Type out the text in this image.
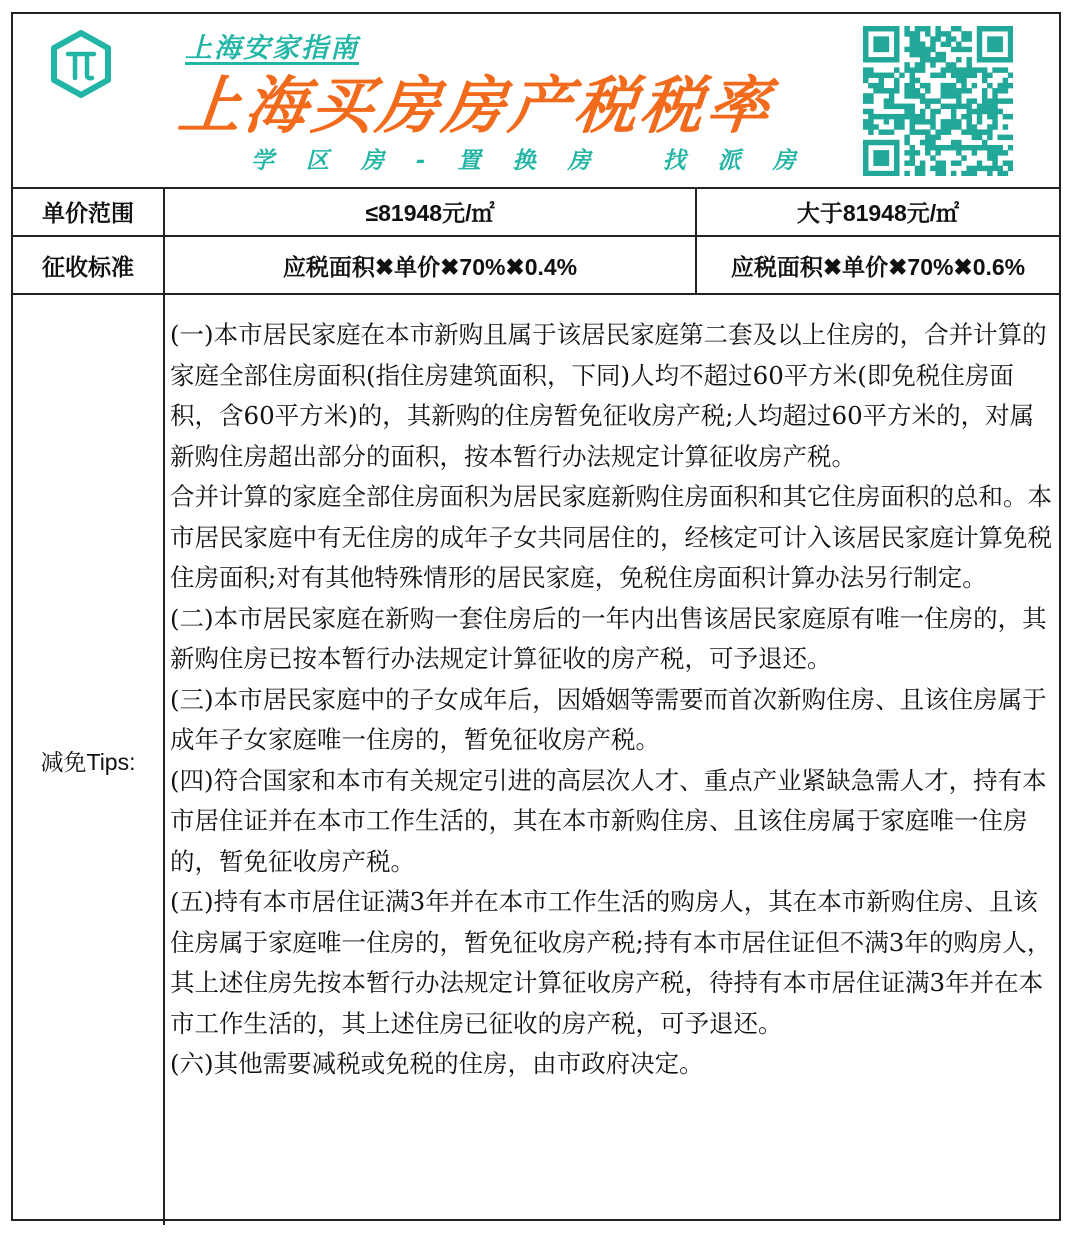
上海安家指南
上海买房房产税税率
学 区 房 - 置 换 房   找 派 房
单价范围	≤81948元/㎡	大于81948元/㎡
征收标准	应税面积✖单价✖70%✖0.4%	应税面积✖单价✖70%✖0.6%
减免Tips:

(一)本市居民家庭在本市新购且属于该居民家庭第二套及以上住房的，合并计算的家庭全部住房面积(指住房建筑面积，下同)人均不超过60平方米(即免税住房面积，含60平方米)的，其新购的住房暂免征收房产税;人均超过60平方米的，对属新购住房超出部分的面积，按本暂行办法规定计算征收房产税。

合并计算的家庭全部住房面积为居民家庭新购住房面积和其它住房面积的总和。本市居民家庭中有无住房的成年子女共同居住的，经核定可计入该居民家庭计算免税住房面积;对有其他特殊情形的居民家庭，免税住房面积计算办法另行制定。

(二)本市居民家庭在新购一套住房后的一年内出售该居民家庭原有唯一住房的，其新购住房已按本暂行办法规定计算征收的房产税，可予退还。

(三)本市居民家庭中的子女成年后，因婚姻等需要而首次新购住房、且该住房属于成年子女家庭唯一住房的，暂免征收房产税。

(四)符合国家和本市有关规定引进的高层次人才、重点产业紧缺急需人才，持有本市居住证并在本市工作生活的，其在本市新购住房、且该住房属于家庭唯一住房的，暂免征收房产税。

(五)持有本市居住证满3年并在本市工作生活的购房人，其在本市新购住房、且该住房属于家庭唯一住房的，暂免征收房产税;持有本市居住证但不满3年的购房人，其上述住房先按本暂行办法规定计算征收房产税，待持有本市居住证满3年并在本市工作生活的，其上述住房已征收的房产税，可予退还。

(六)其他需要减税或免税的住房，由市政府决定。
